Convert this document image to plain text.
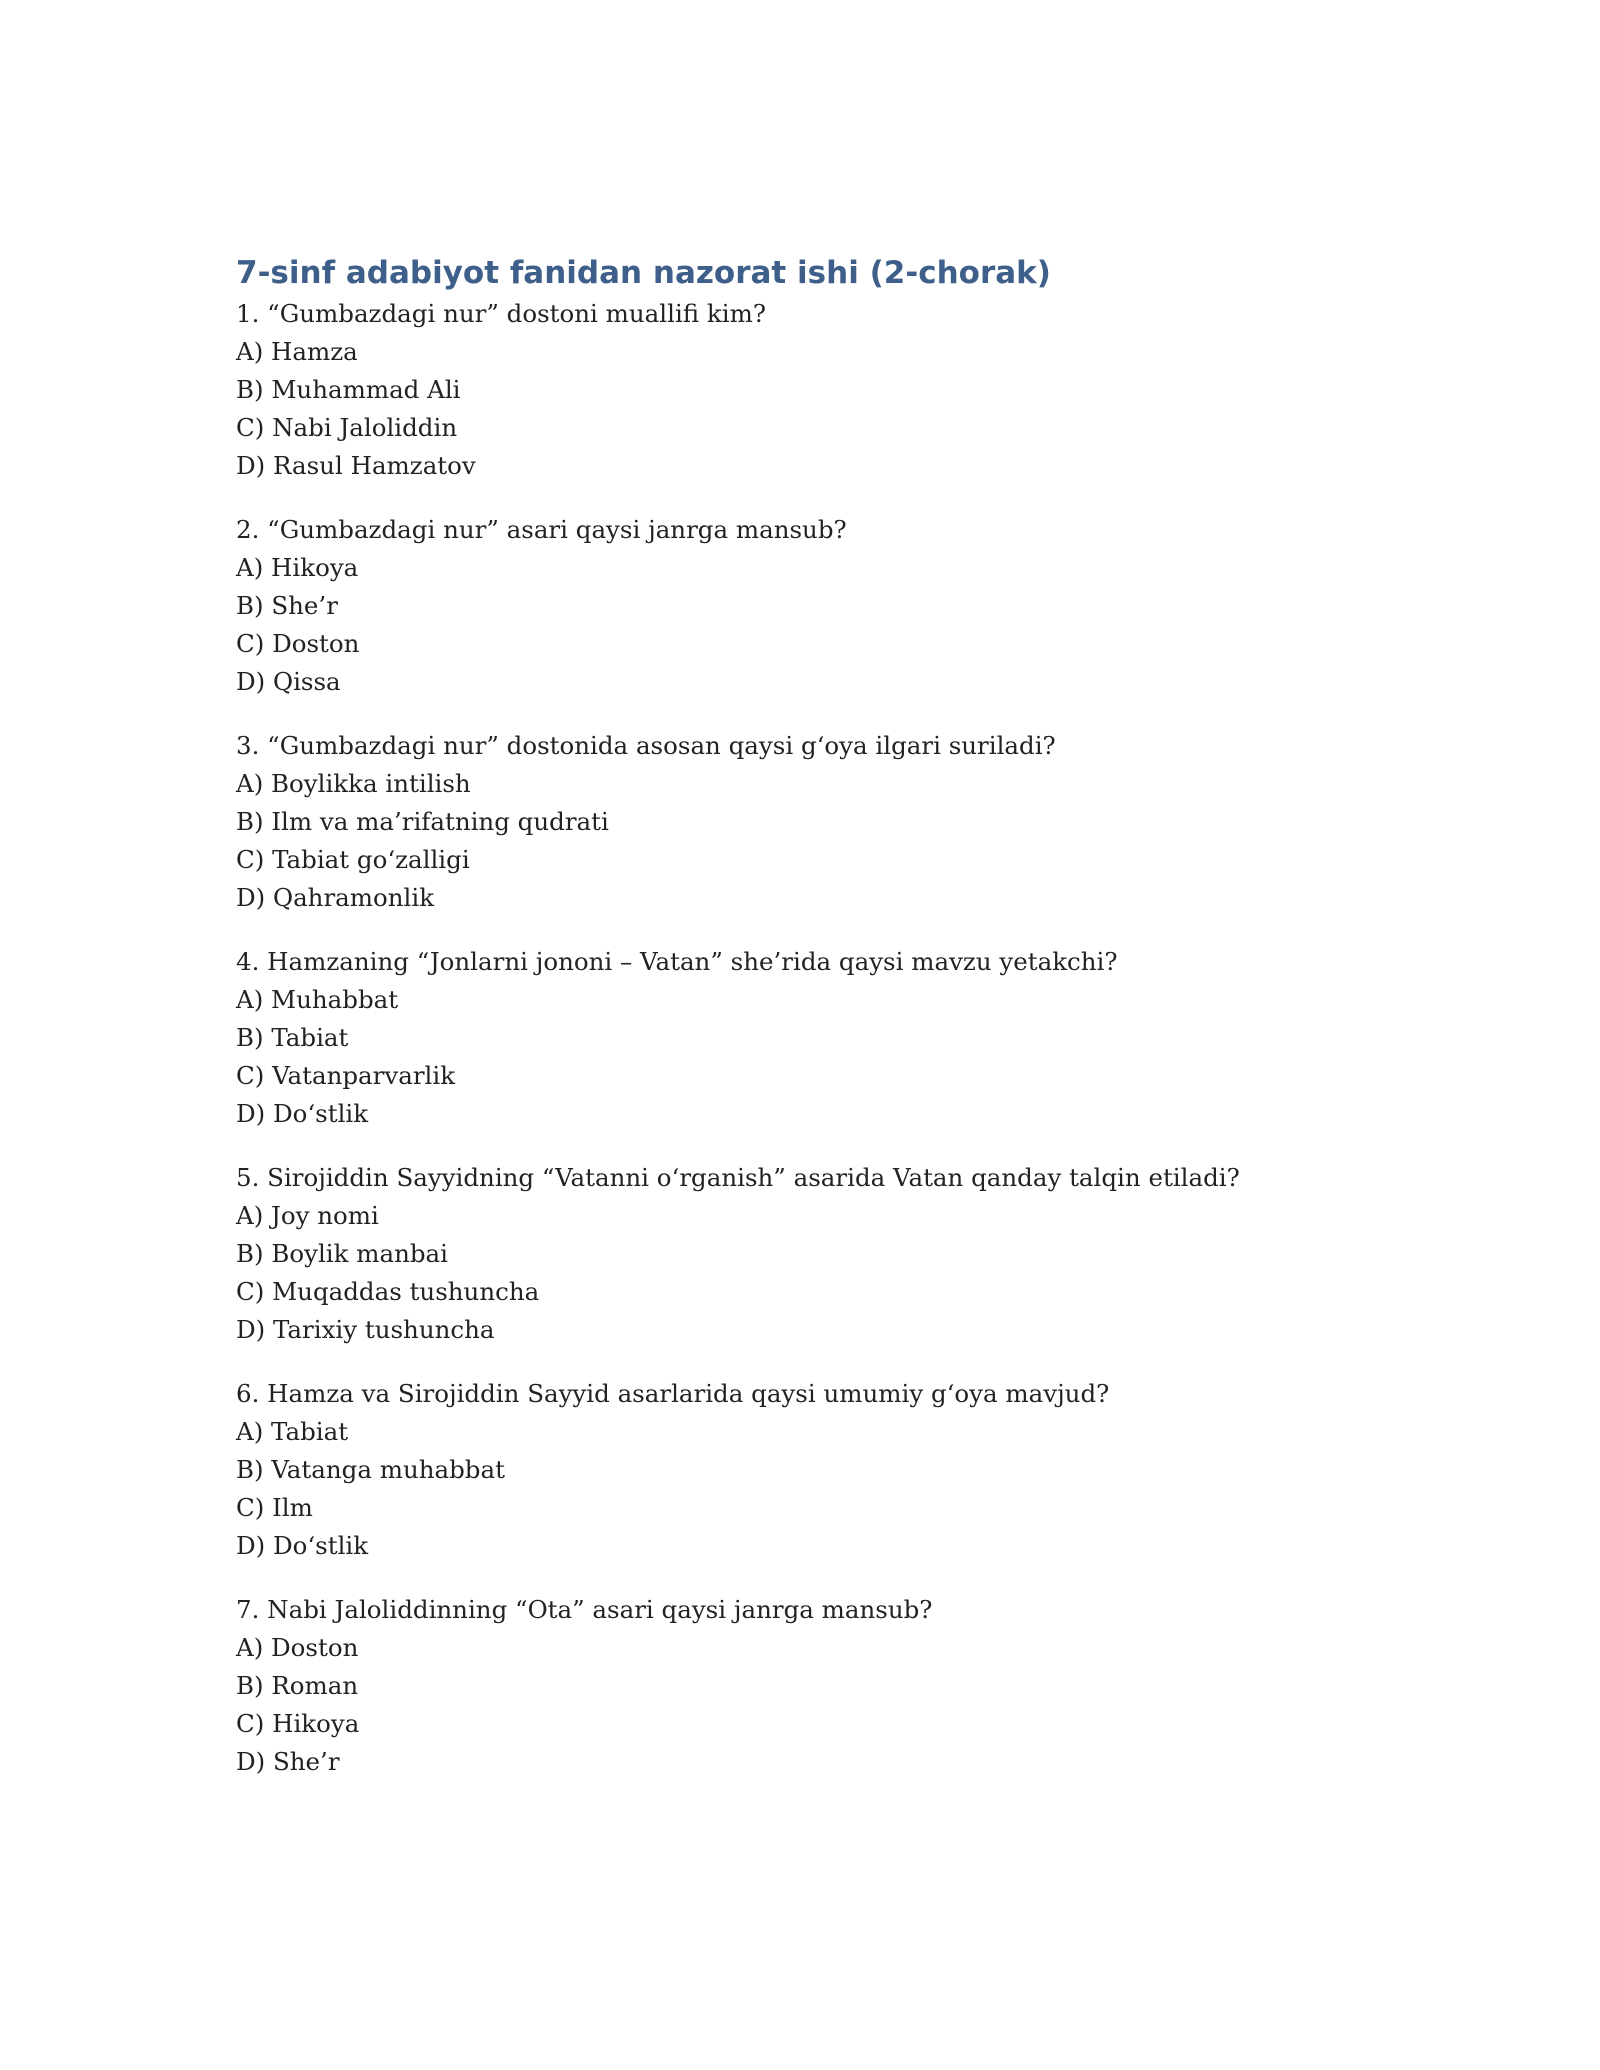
7-sinf adabiyot fanidan nazorat ishi (2-chorak)
1. “Gumbazdagi nur” dostoni muallifi kim?
A) Hamza
B) Muhammad Ali
C) Nabi Jaloliddin
D) Rasul Hamzatov
2. “Gumbazdagi nur” asari qaysi janrga mansub?
A) Hikoya
B) She’r
C) Doston
D) Qissa
3. “Gumbazdagi nur” dostonida asosan qaysi g‘oya ilgari suriladi?
A) Boylikka intilish
B) Ilm va ma’rifatning qudrati
C) Tabiat go‘zalligi
D) Qahramonlik
4. Hamzaning “Jonlarni jononi – Vatan” she’rida qaysi mavzu yetakchi?
A) Muhabbat
B) Tabiat
C) Vatanparvarlik
D) Do‘stlik
5. Sirojiddin Sayyidning “Vatanni o‘rganish” asarida Vatan qanday talqin etiladi?
A) Joy nomi
B) Boylik manbai
C) Muqaddas tushuncha
D) Tarixiy tushuncha
6. Hamza va Sirojiddin Sayyid asarlarida qaysi umumiy g‘oya mavjud?
A) Tabiat
B) Vatanga muhabbat
C) Ilm
D) Do‘stlik
7. Nabi Jaloliddinning “Ota” asari qaysi janrga mansub?
A) Doston
B) Roman
C) Hikoya
D) She’r
